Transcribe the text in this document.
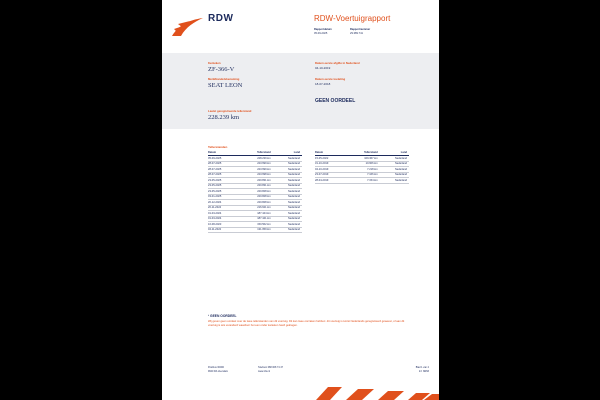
RDW	RDW-Voertuigrapport
Rapportdatum
05-09-2025
Rapportnummer
29.389.741
Kenteken
ZF-366-V
Merk/Handelsbenaming
SEAT LEON
Laatst geregistreerde tellerstand
228.239 km
Datum eerste afgifte in Nederland
04-10-2019
Datum eerste toelating
18-07-2018
GEEN OORDEEL
Tellerstanden
Datum	Tellerstand	Land
05-09-2025	228.239 km	Nederland
28-07-2025	223.699 km	Nederland
28-07-2025	223.699 km	Nederland
28-07-2025	223.698 km	Nederland
23-05-2025	220.831 km	Nederland
23-05-2025	220.831 km	Nederland
23-05-2025	220.828 km	Nederland
03-01-2025	220.828 km	Nederland
20-12-2024	220.828 km	Nederland
20-11-2024	216.621 km	Nederland
01-03-2024	187.444 km	Nederland
01-03-2024	187.441 km	Nederland
16-08-2023	150.562 km	Nederland
04-11-2022	131.059 km	Nederland
Datum	Tellerstand	Land
15-05-2022	109.367 km	Nederland
31-10-2019	10.606 km	Nederland
04-10-2019	7.218 km	Nederland
23-07-2019	7.166 km	Nederland
28-04-2019	7.154 km	Nederland
¹ GEEN OORDEEL
Wij geven geen oordeel over de twee tellerstanden van dit voertuig. Dit kan twee oorzaken hebben: dit voertuig is kortst Nederlands geregistreerd geweest, of aan dit voertuig is iets veranderd waardoor het een onder karteken heeft gekregen.
Postbus 30000
9640 RA Veendam
Telefoon 088 008 74 47
www.rdw.nl
Blad 1 van 2
Inf. NR93
